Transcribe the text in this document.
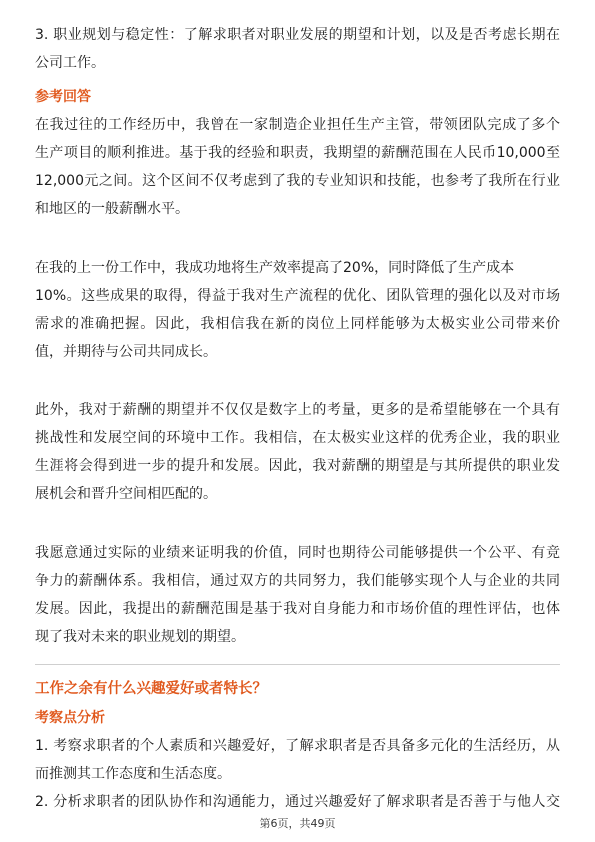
3. 职业规划与稳定性：了解求职者对职业发展的期望和计划，以及是否考虑长期在
公司工作。
参考回答
在我过往的工作经历中，我曾在一家制造企业担任生产主管，带领团队完成了多个
生产项目的顺利推进。基于我的经验和职责，我期望的薪酬范围在人民币10,000至
12,000元之间。这个区间不仅考虑到了我的专业知识和技能，也参考了我所在行业
和地区的一般薪酬水平。
在我的上一份工作中，我成功地将生产效率提高了20%，同时降低了生产成本
10%。这些成果的取得，得益于我对生产流程的优化、团队管理的强化以及对市场
需求的准确把握。因此，我相信我在新的岗位上同样能够为太极实业公司带来价
值，并期待与公司共同成长。
此外，我对于薪酬的期望并不仅仅是数字上的考量，更多的是希望能够在一个具有
挑战性和发展空间的环境中工作。我相信，在太极实业这样的优秀企业，我的职业
生涯将会得到进一步的提升和发展。因此，我对薪酬的期望是与其所提供的职业发
展机会和晋升空间相匹配的。
我愿意通过实际的业绩来证明我的价值，同时也期待公司能够提供一个公平、有竞
争力的薪酬体系。我相信，通过双方的共同努力，我们能够实现个人与企业的共同
发展。因此，我提出的薪酬范围是基于我对自身能力和市场价值的理性评估，也体
现了我对未来的职业规划的期望。
工作之余有什么兴趣爱好或者特长？
考察点分析
1. 考察求职者的个人素质和兴趣爱好，了解求职者是否具备多元化的生活经历，从
而推测其工作态度和生活态度。
2. 分析求职者的团队协作和沟通能力，通过兴趣爱好了解求职者是否善于与他人交
第6页，共49页
